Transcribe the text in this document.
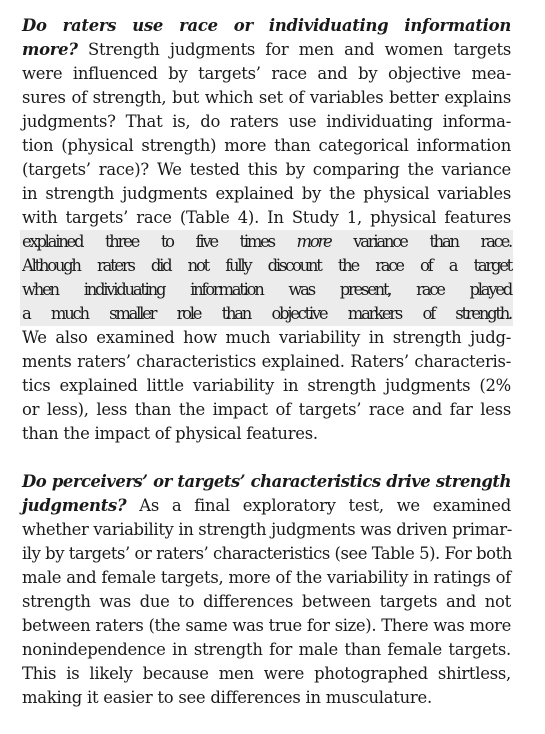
Do raters use race or individuating information
more? Strength judgments for men and women targets
were influenced by targets’ race and by objective mea-
sures of strength, but which set of variables better explains
judgments? That is, do raters use individuating informa-
tion (physical strength) more than categorical information
(targets’ race)? We tested this by comparing the variance
in strength judgments explained by the physical variables
with targets’ race (Table 4). In Study 1, physical features
explained three to five times more variance than race.
Although raters did not fully discount the race of a target
when individuating information was present, race played
a much smaller role than objective markers of strength.
We also examined how much variability in strength judg-
ments raters’ characteristics explained. Raters’ characteris-
tics explained little variability in strength judgments (2%
or less), less than the impact of targets’ race and far less
than the impact of physical features.
Do perceivers’ or targets’ characteristics drive strength
judgments? As a final exploratory test, we examined
whether variability in strength judgments was driven primar-
ily by targets’ or raters’ characteristics (see Table 5). For both
male and female targets, more of the variability in ratings of
strength was due to differences between targets and not
between raters (the same was true for size). There was more
nonindependence in strength for male than female targets.
This is likely because men were photographed shirtless,
making it easier to see differences in musculature.
